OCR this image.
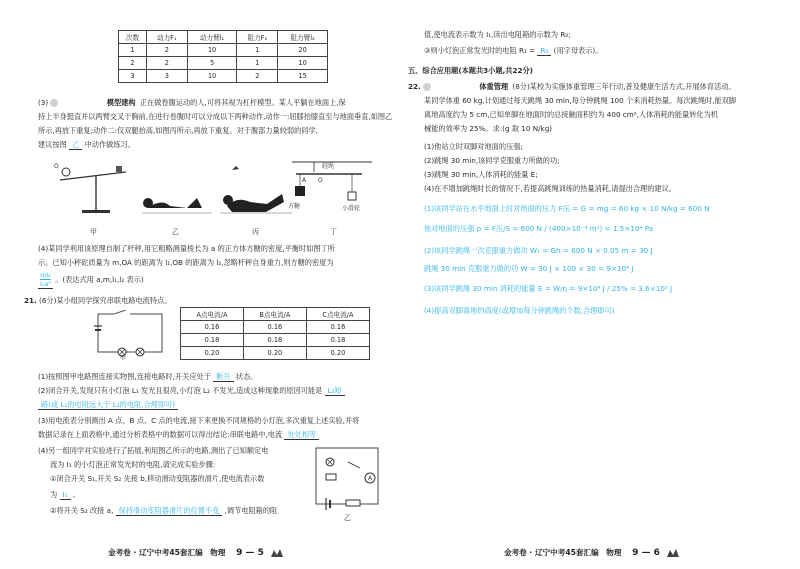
次数	动力F₁	动力臂l₁	阻力F₂	阻力臂l₂
1	2	10	1	20
2	2	5	1	10
3	3	10	2	15
(3)	模型建构 正在做卷腹运动的人,可将其视为杠杆模型。某人平躺在地面上,保
持上半身挺直并以两臂交叉于胸前,在进行卷腹时可以分成以下两种动作,动作一:屈膝抬膝直至与地面垂直,如图乙
所示,再放下重复;动作二:仅双腿抬高,如图丙所示,再放下重复。对于腹部力量较弱的同学,
建议按图 乙 中动作做练习。
O
O
A
轻绳
方糖	小滑轮
甲	乙	丙	丁
(4)某同学利用该原理自制了杆秤,用它粗略测量棱长为 a 的正方体方糖的密度,平衡时如图丁所
示。已知小秤砣质量为 m,OA 的距离为 l₁,OB 的距离为 l₂,忽略杆秤自身重力,则方糖的密度为
$\frac{\text{ml₂}}{\text{l₁a³}}$ 。(表达式用 a,m,l₁,l₂ 表示)
21. (6分)某小组同学探究串联电路电流特点。
甲
A点电流/A	B点电流/A	C点电流/A
0.16	0.16	0.16
0.18	0.18	0.18
0.20	0.20	0.20
(1)按照图甲电路图连接实物图,连接电路时,开关应处于 断开 状态。
(2)闭合开关,发现只有小灯泡 L₁ 发光且很亮,小灯泡 L₂ 不发光,造成这种现象的原因可能是 L₂短
路(或 L₁的电阻远大于 L₂的电阻,合理即可)
(3)用电流表分别测出 A 点、B 点、C 点的电流,接下来更换不同规格的小灯泡,多次重复上述实验,并将
数据记录在上面表格中,通过分析表格中的数据可以得出结论:串联电路中,电流 处处相等
(4)另一组同学对实验进行了拓展,利用图乙所示的电路,测出了已知额定电
流为 I₁ 的小灯泡正常发光时的电阻,请完成实验步骤:
①闭合开关 S₁,开关 S₂ 先接 b,移动滑动变阻器的滑片,使电流表示数
为 I₁ 。
②将开关 S₂ 改接 a, 保持滑动变阻器滑片的位置不变 ,调节电阻箱的阻
A
乙
金考卷 · 辽宁中考45套汇编　物理 9 — 5
值,使电流表示数为 I₁,读出电阻箱的示数为 R₀;
③则小灯泡正常发光时的电阻 R₁ = R₀ (用字母表示)。
五、综合应用题(本题共3小题,共22分)
22.	体重管理 (8分)某校为实施体重管理三年行动,普及健康生活方式,开展体育活动。
某同学体重 60 kg,计划通过每天跳绳 30 min,每分钟跳绳 100 个来消耗热量。每次跳绳时,能双脚
离地高度约为 5 cm,已知单脚在地面时的总接触面积约为 400 cm²,人体消耗的能量转化为机
械能的效率为 25%。求:(g 取 10 N/kg)
(1)他站立时双脚对地面的压强;
(2)跳绳 30 min,该同学克服重力所做的功;
(3)跳绳 30 min,人体消耗的能量 E;
(4)在不增加跳绳时长的情况下,若提高跳绳训练的热量消耗,请提出合理的建议。
(1)该同学站在水平地面上时对地面的压力 F压 = G = mg = 60 kg × 10 N/kg = 600 N
他对地面的压强 p = F压/S = 600 N / (400×10⁻⁴ m²) = 1.5×10⁴ Pa
(2)该同学跳绳一次克服重力做功 W₁ = Gh = 600 N × 0.05 m = 30 J
跳绳 30 min 克服重力做的功 W = 30 J × 100 × 30 = 9×10⁴ J
(3)该同学跳绳 30 min 消耗的能量 E = W/η = 9×10⁴ J / 25% = 3.6×10⁵ J
(4)提高双脚离地的高度(或增加每分钟跳绳的个数,合理即可)
金考卷 · 辽宁中考45套汇编　物理 9 — 6
